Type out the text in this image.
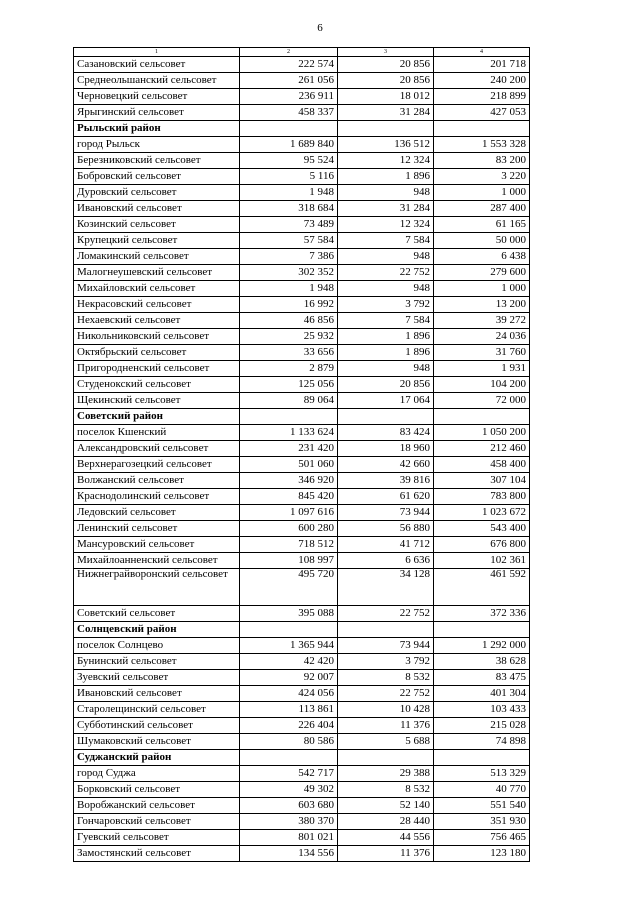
6
1	2	3	4
Сазановский сельсовет	222 574	20 856	201 718
Среднеольшанский сельсовет	261 056	20 856	240 200
Черновецкий сельсовет	236 911	18 012	218 899
Ярыгинский сельсовет	458 337	31 284	427 053
Рыльский район			
город Рыльск	1 689 840	136 512	1 553 328
Березниковский сельсовет	95 524	12 324	83 200
Бобровский сельсовет	5 116	1 896	3 220
Дуровский сельсовет	1 948	948	1 000
Ивановский сельсовет	318 684	31 284	287 400
Козинский сельсовет	73 489	12 324	61 165
Крупецкий сельсовет	57 584	7 584	50 000
Ломакинский сельсовет	7 386	948	6 438
Малогнеушевский сельсовет	302 352	22 752	279 600
Михайловский сельсовет	1 948	948	1 000
Некрасовский сельсовет	16 992	3 792	13 200
Нехаевский сельсовет	46 856	7 584	39 272
Никольниковский сельсовет	25 932	1 896	24 036
Октябрьский сельсовет	33 656	1 896	31 760
Пригородненский сельсовет	2 879	948	1 931
Студенокский сельсовет	125 056	20 856	104 200
Щекинский сельсовет	89 064	17 064	72 000
Советский район			
поселок Кшенский	1 133 624	83 424	1 050 200
Александровский сельсовет	231 420	18 960	212 460
Верхнерагозецкий сельсовет	501 060	42 660	458 400
Волжанский сельсовет	346 920	39 816	307 104
Краснодолинский сельсовет	845 420	61 620	783 800
Ледовский сельсовет	1 097 616	73 944	1 023 672
Ленинский сельсовет	600 280	56 880	543 400
Мансуровский сельсовет	718 512	41 712	676 800
Михайлоанненский сельсовет	108 997	6 636	102 361
Нижнеграйворонский сельсовет	495 720	34 128	461 592
Советский сельсовет	395 088	22 752	372 336
Солнцевский район			
поселок Солнцево	1 365 944	73 944	1 292 000
Бунинский сельсовет	42 420	3 792	38 628
Зуевский сельсовет	92 007	8 532	83 475
Ивановский сельсовет	424 056	22 752	401 304
Старолещинский сельсовет	113 861	10 428	103 433
Субботинский сельсовет	226 404	11 376	215 028
Шумаковский сельсовет	80 586	5 688	74 898
Суджанский район			
город Суджа	542 717	29 388	513 329
Борковский сельсовет	49 302	8 532	40 770
Воробжанский сельсовет	603 680	52 140	551 540
Гончаровский сельсовет	380 370	28 440	351 930
Гуевский сельсовет	801 021	44 556	756 465
Замостянский сельсовет	134 556	11 376	123 180
